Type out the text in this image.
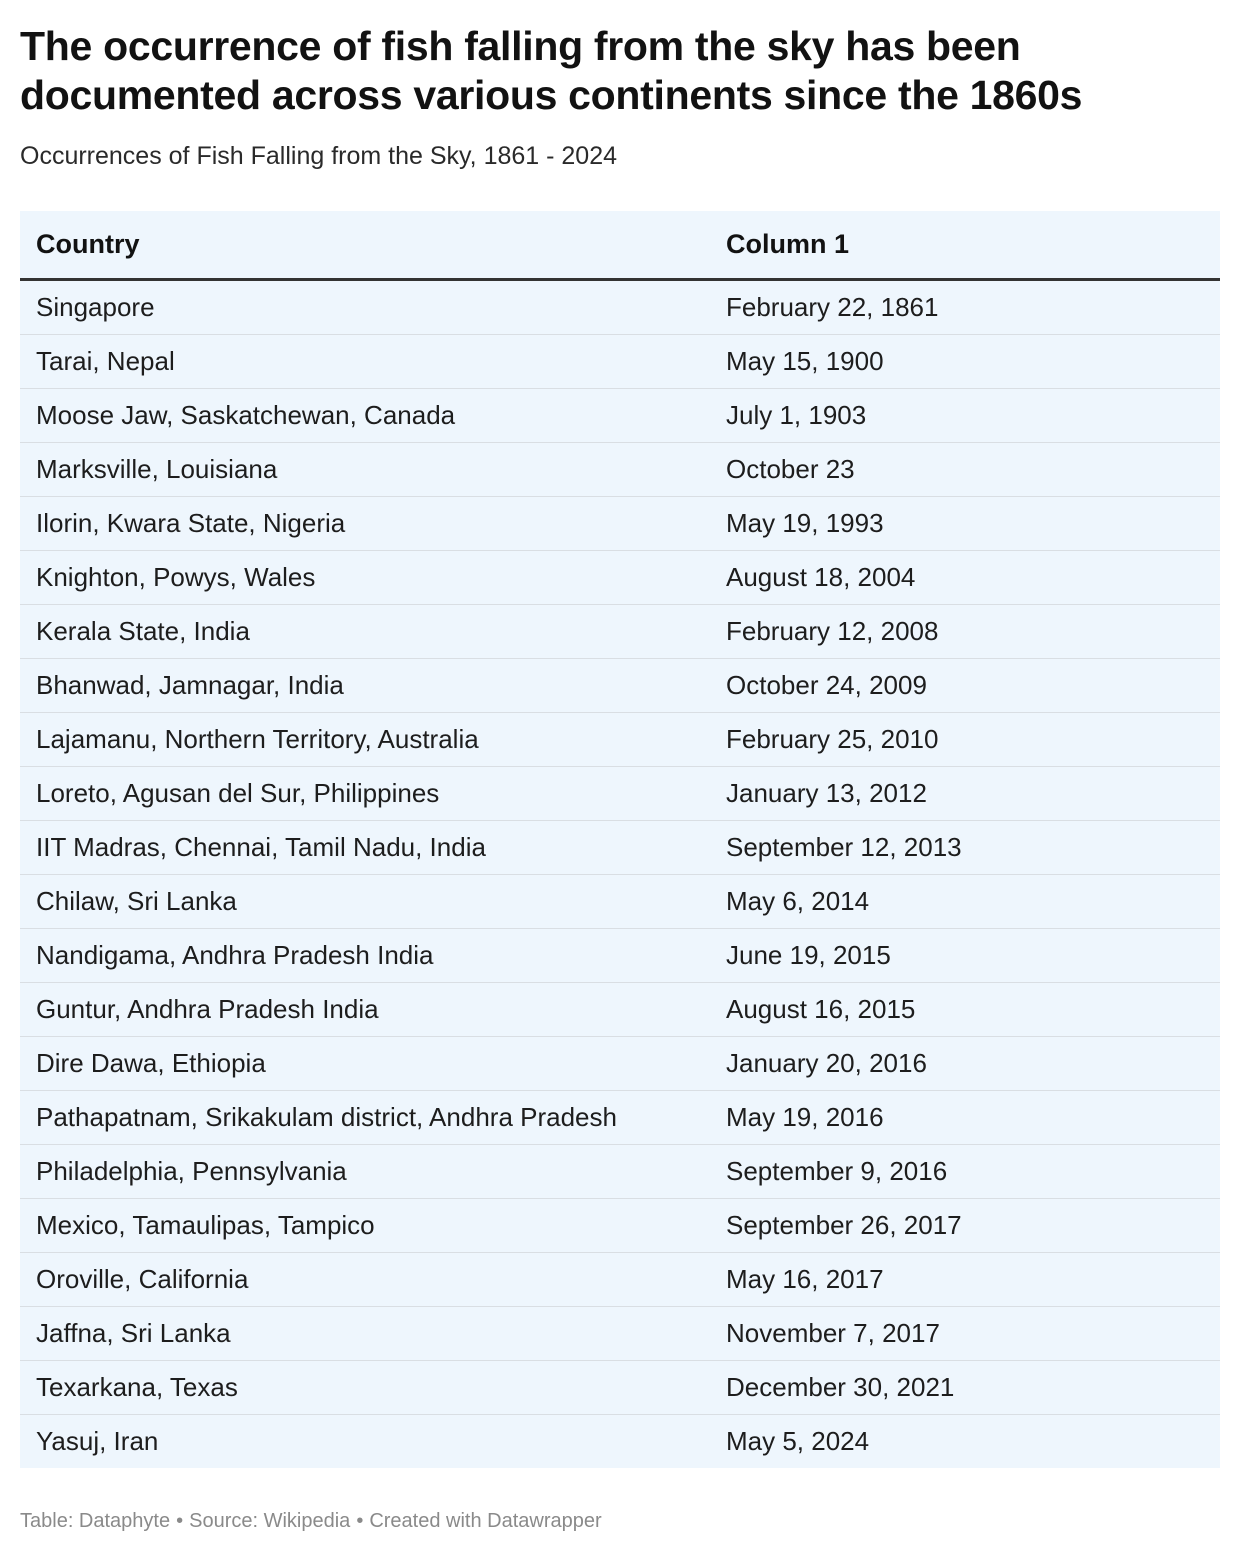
The occurrence of fish falling from the sky has been documented across various continents since the 1860s
Occurrences of Fish Falling from the Sky, 1861 - 2024
Country	Column 1
Singapore	February 22, 1861
Tarai, Nepal	May 15, 1900
Moose Jaw, Saskatchewan, Canada	July 1, 1903
Marksville, Louisiana	October 23
Ilorin, Kwara State, Nigeria	May 19, 1993
Knighton, Powys, Wales	August 18, 2004
Kerala State, India	February 12, 2008
Bhanwad, Jamnagar, India	October 24, 2009
Lajamanu, Northern Territory, Australia	February 25, 2010
Loreto, Agusan del Sur, Philippines	January 13, 2012
IIT Madras, Chennai, Tamil Nadu, India	September 12, 2013
Chilaw, Sri Lanka	May 6, 2014
Nandigama, Andhra Pradesh India	June 19, 2015
Guntur, Andhra Pradesh India	August 16, 2015
Dire Dawa, Ethiopia	January 20, 2016
Pathapatnam, Srikakulam district, Andhra Pradesh	May 19, 2016
Philadelphia, Pennsylvania	September 9, 2016
Mexico, Tamaulipas, Tampico	September 26, 2017
Oroville, California	May 16, 2017
Jaffna, Sri Lanka	November 7, 2017
Texarkana, Texas	December 30, 2021
Yasuj, Iran	May 5, 2024
Table: Dataphyte • Source: Wikipedia • Created with Datawrapper
